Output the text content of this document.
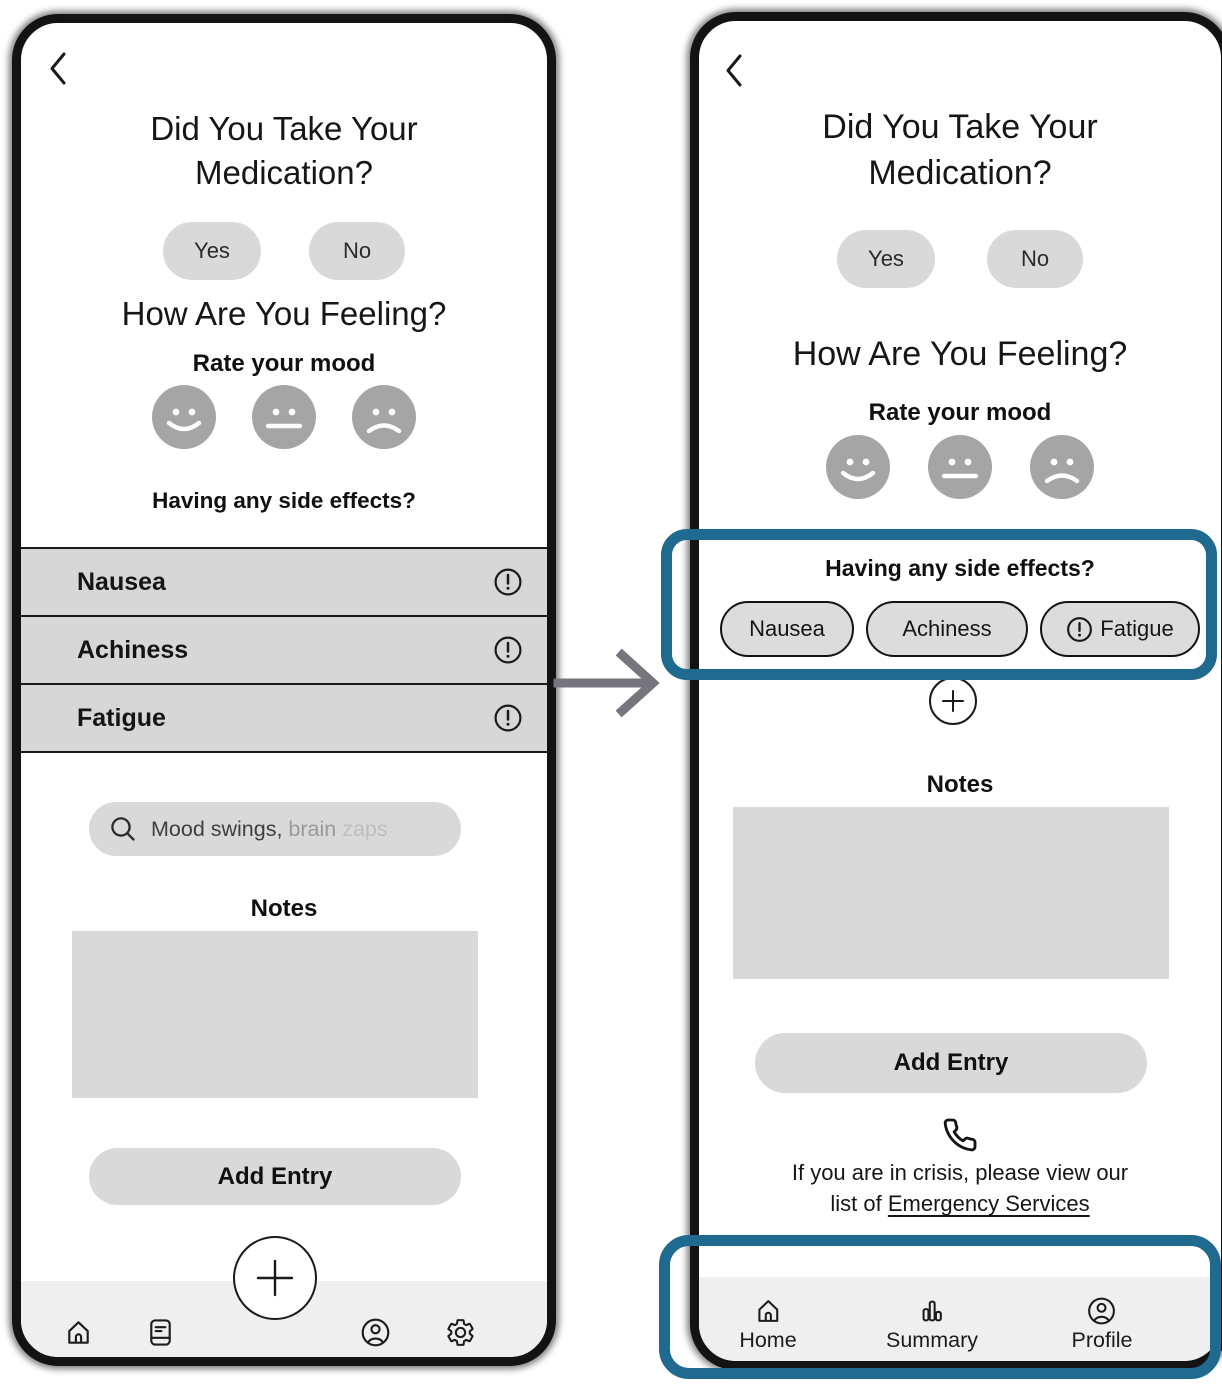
Did You Take Your Medication?
Yes	No
How Are You Feeling?
Rate your mood
Having any side effects?
Nausea
Achiness
Fatigue
Mood swings, brain zaps
Notes
Add Entry
Did You Take Your Medication?
Yes	No
How Are You Feeling?
Rate your mood
Having any side effects?
Nausea	Achiness	Fatigue
Notes
Add Entry
If you are in crisis, please view our
list of Emergency Services
Home	Summary	Profile
